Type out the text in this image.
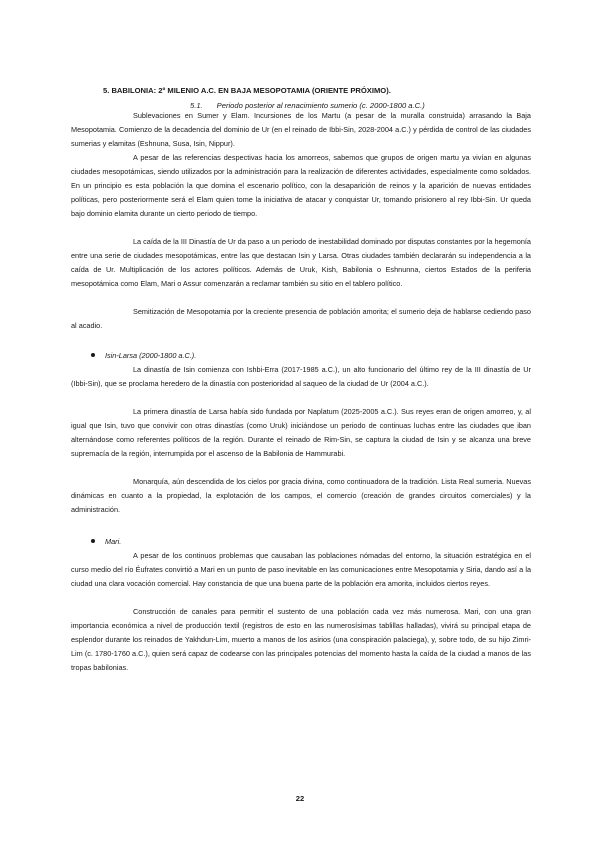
5. BABILONIA: 2º MILENIO A.C. EN BAJA MESOPOTAMIA (ORIENTE PRÓXIMO).
5.1. Periodo posterior al renacimiento sumerio (c. 2000-1800 a.C.)

Sublevaciones en Sumer y Elam. Incursiones de los Martu (a pesar de la muralla construida) arrasando la Baja Mesopotamia. Comienzo de la decadencia del dominio de Ur (en el reinado de Ibbi-Sin, 2028-2004 a.C.) y pérdida de control de las ciudades sumerias y elamitas (Eshnuna, Susa, Isin, Nippur).

A pesar de las referencias despectivas hacia los amorreos, sabemos que grupos de origen martu ya vivían en algunas ciudades mesopotámicas, siendo utilizados por la administración para la realización de diferentes actividades, especialmente como soldados. En un principio es esta población la que domina el escenario político, con la desaparición de reinos y la aparición de nuevas entidades políticas, pero posteriormente será el Elam quien tome la iniciativa de atacar y conquistar Ur, tomando prisionero al rey Ibbi-Sin. Ur queda bajo dominio elamita durante un cierto periodo de tiempo.

La caída de la III Dinastía de Ur da paso a un periodo de inestabilidad dominado por disputas constantes por la hegemonía entre una serie de ciudades mesopotámicas, entre las que destacan Isin y Larsa. Otras ciudades también declararán su independencia a la caída de Ur. Multiplicación de los actores políticos. Además de Uruk, Kish, Babilonia o Eshnunna, ciertos Estados de la periferia mesopotámica como Elam, Mari o Assur comenzarán a reclamar también su sitio en el tablero político.

Semitización de Mesopotamia por la creciente presencia de población amorita; el sumerio deja de hablarse cediendo paso al acadio.

Isin-Larsa (2000-1800 a.C.).

La dinastía de Isin comienza con Ishbi-Erra (2017-1985 a.C.), un alto funcionario del último rey de la III dinastía de Ur (Ibbi-Sin), que se proclama heredero de la dinastía con posterioridad al saqueo de la ciudad de Ur (2004 a.C.).

La primera dinastía de Larsa había sido fundada por Naplatum (2025-2005 a.C.). Sus reyes eran de origen amorreo, y, al igual que Isin, tuvo que convivir con otras dinastías (como Uruk) iniciándose un periodo de continuas luchas entre las ciudades que iban alternándose como referentes políticos de la región. Durante el reinado de Rim-Sin, se captura la ciudad de Isin y se alcanza una breve supremacía de la región, interrumpida por el ascenso de la Babilonia de Hammurabi.

Monarquía, aún descendida de los cielos por gracia divina, como continuadora de la tradición. Lista Real sumeria. Nuevas dinámicas en cuanto a la propiedad, la explotación de los campos, el comercio (creación de grandes circuitos comerciales) y la administración.

Mari.

A pesar de los continuos problemas que causaban las poblaciones nómadas del entorno, la situación estratégica en el curso medio del río Éufrates convirtió a Mari en un punto de paso inevitable en las comunicaciones entre Mesopotamia y Siria, dando así a la ciudad una clara vocación comercial. Hay constancia de que una buena parte de la población era amorita, incluidos ciertos reyes.

Construcción de canales para permitir el sustento de una población cada vez más numerosa. Mari, con una gran importancia económica a nivel de producción textil (registros de esto en las numerosísimas tablillas halladas), vivirá su principal etapa de esplendor durante los reinados de Yakhdun-Lim, muerto a manos de los asirios (una conspiración palaciega), y, sobre todo, de su hijo Zimri-Lim (c. 1780-1760 a.C.), quien será capaz de codearse con las principales potencias del momento hasta la caída de la ciudad a manos de las tropas babilonias.

22
